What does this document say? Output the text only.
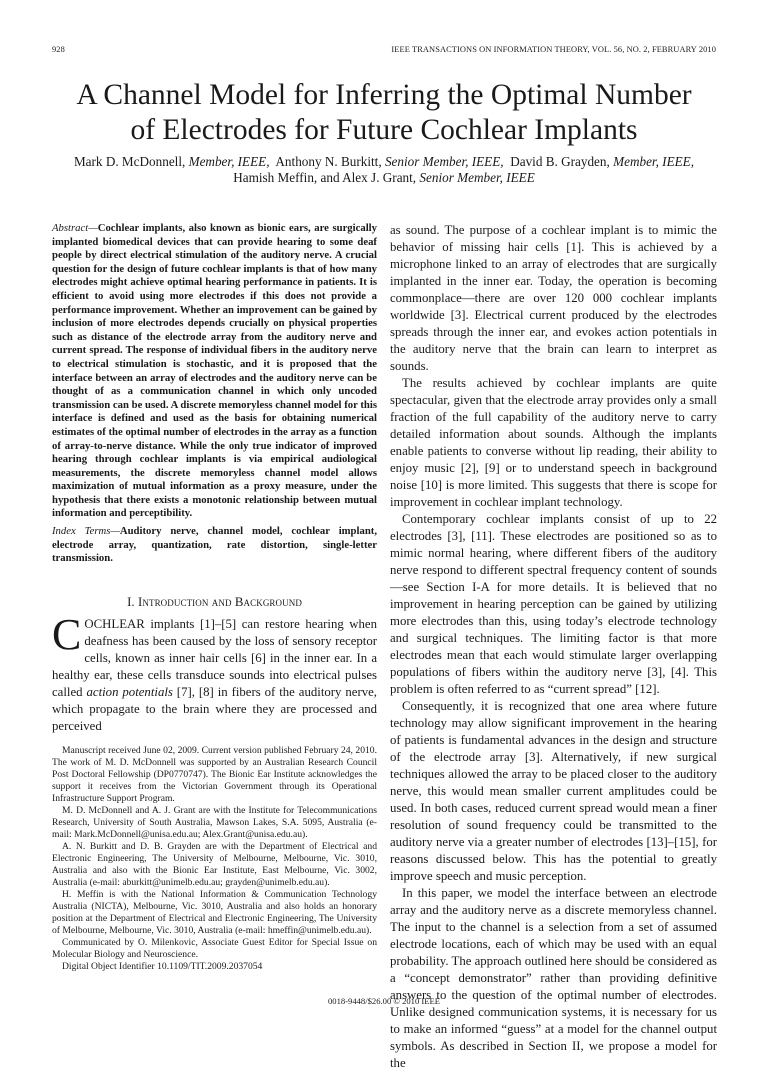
928	IEEE TRANSACTIONS ON INFORMATION THEORY, VOL. 56, NO. 2, FEBRUARY 2010
A Channel Model for Inferring the Optimal Number
of Electrodes for Future Cochlear Implants
Mark D. McDonnell, Member, IEEE, Anthony N. Burkitt, Senior Member, IEEE, David B. Grayden, Member, IEEE,
Hamish Meffin, and Alex J. Grant, Senior Member, IEEE

Abstract — Cochlear implants, also known as bionic ears, are surgically implanted biomedical devices that can provide hearing to some deaf people by direct electrical stimulation of the auditory nerve. A crucial question for the design of future cochlear implants is that of how many electrodes might achieve optimal hearing performance in patients. It is efficient to avoid using more electrodes if this does not provide a performance improvement. Whether an improvement can be gained by inclusion of more electrodes depends crucially on physical properties such as distance of the electrode array from the auditory nerve and current spread. The response of individual fibers in the auditory nerve to electrical stimulation is stochastic, and it is proposed that the interface between an array of electrodes and the auditory nerve can be thought of as a communication channel in which only uncoded transmission can be used. A discrete memoryless channel model for this interface is defined and used as the basis for obtaining numerical estimates of the optimal number of electrodes in the array as a function of array-to-nerve distance. While the only true indicator of improved hearing through cochlear implants is via empirical audiological measurements, the discrete memoryless channel model allows maximization of mutual information as a proxy measure, under the hypothesis that there exists a monotonic relationship between mutual information and perceptibility.

Index Terms — Auditory nerve, channel model, cochlear implant, electrode array, quantization, rate distortion, single-letter transmission.

I. Introduction and Background

COCHLEAR implants [1]–[5] can restore hearing when deafness has been caused by the loss of sensory receptor cells, known as inner hair cells [6] in the inner ear. In a healthy ear, these cells transduce sounds into electrical pulses called action potentials [7], [8] in fibers of the auditory nerve, which propagate to the brain where they are processed and perceived

Manuscript received June 02, 2009. Current version published February 24, 2010. The work of M. D. McDonnell was supported by an Australian Research Council Post Doctoral Fellowship (DP0770747). The Bionic Ear Institute acknowledges the support it receives from the Victorian Government through its Operational Infrastructure Support Program.

M. D. McDonnell and A. J. Grant are with the Institute for Telecommunications Research, University of South Australia, Mawson Lakes, S.A. 5095, Australia (e-mail: Mark.McDonnell@unisa.edu.au; Alex.Grant@unisa.edu.au).

A. N. Burkitt and D. B. Grayden are with the Department of Electrical and Electronic Engineering, The University of Melbourne, Melbourne, Vic. 3010, Australia and also with the Bionic Ear Institute, East Melbourne, Vic. 3002, Australia (e-mail: aburkitt@unimelb.edu.au; grayden@unimelb.edu.au).

H. Meffin is with the National Information & Communication Technology Australia (NICTA), Melbourne, Vic. 3010, Australia and also holds an honorary position at the Department of Electrical and Electronic Engineering, The University of Melbourne, Melbourne, Vic. 3010, Australia (e-mail: hmeffin@unimelb.edu.au).

Communicated by O. Milenkovic, Associate Guest Editor for Special Issue on Molecular Biology and Neuroscience.

Digital Object Identifier 10.1109/TIT.2009.2037054

as sound. The purpose of a cochlear implant is to mimic the behavior of missing hair cells [1]. This is achieved by a microphone linked to an array of electrodes that are surgically implanted in the inner ear. Today, the operation is becoming commonplace—there are over 120 000 cochlear implants worldwide [3]. Electrical current produced by the electrodes spreads through the inner ear, and evokes action potentials in the auditory nerve that the brain can learn to interpret as sounds.

The results achieved by cochlear implants are quite spectacular, given that the electrode array provides only a small fraction of the full capability of the auditory nerve to carry detailed information about sounds. Although the implants enable patients to converse without lip reading, their ability to enjoy music [2], [9] or to understand speech in background noise [10] is more limited. This suggests that there is scope for improvement in cochlear implant technology.

Contemporary cochlear implants consist of up to 22 electrodes [3], [11]. These electrodes are positioned so as to mimic normal hearing, where different fibers of the auditory nerve respond to different spectral frequency content of sounds—see Section I-A for more details. It is believed that no improvement in hearing perception can be gained by utilizing more electrodes than this, using today’s electrode technology and surgical techniques. The limiting factor is that more electrodes mean that each would stimulate larger overlapping populations of fibers within the auditory nerve [3], [4]. This problem is often referred to as “current spread” [12].

Consequently, it is recognized that one area where future technology may allow significant improvement in the hearing of patients is fundamental advances in the design and structure of the electrode array [3]. Alternatively, if new surgical techniques allowed the array to be placed closer to the auditory nerve, this would mean smaller current amplitudes could be used. In both cases, reduced current spread would mean a finer resolution of sound frequency could be transmitted to the auditory nerve via a greater number of electrodes [13]–[15], for reasons discussed below. This has the potential to greatly improve speech and music perception.

In this paper, we model the interface between an electrode array and the auditory nerve as a discrete memoryless channel. The input to the channel is a selection from a set of assumed electrode locations, each of which may be used with an equal probability. The approach outlined here should be considered as a “concept demonstrator” rather than providing definitive answers to the question of the optimal number of electrodes. Unlike designed communication systems, it is necessary for us to make an informed “guess” at a model for the channel output symbols. As described in Section II, we propose a model for the

0018-9448/$26.00 © 2010 IEEE
